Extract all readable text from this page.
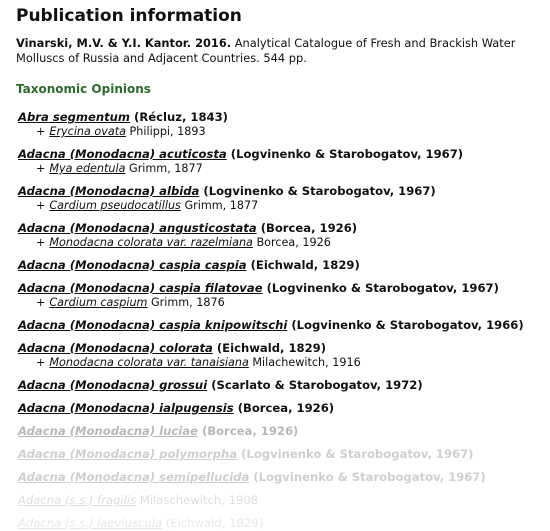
Publication information

Vinarski, M.V. & Y.I. Kantor. 2016. Analytical Catalogue of Fresh and Brackish Water Molluscs of Russia and Adjacent Countries. 544 pp.

Taxonomic Opinions
Abra segmentum (Récluz, 1843)
+ Erycina ovata Philippi, 1893
Adacna (Monodacna) acuticosta (Logvinenko & Starobogatov, 1967)
+ Mya edentula Grimm, 1877
Adacna (Monodacna) albida (Logvinenko & Starobogatov, 1967)
+ Cardium pseudocatillus Grimm, 1877
Adacna (Monodacna) angusticostata (Borcea, 1926)
+ Monodacna colorata var. razelmiana Borcea, 1926
Adacna (Monodacna) caspia caspia (Eichwald, 1829)
Adacna (Monodacna) caspia filatovae (Logvinenko & Starobogatov, 1967)
+ Cardium caspium Grimm, 1876
Adacna (Monodacna) caspia knipowitschi (Logvinenko & Starobogatov, 1966)
Adacna (Monodacna) colorata (Eichwald, 1829)
+ Monodacna colorata var. tanaisiana Milachewitch, 1916
Adacna (Monodacna) grossui (Scarlato & Starobogatov, 1972)
Adacna (Monodacna) ialpugensis (Borcea, 1926)
Adacna (Monodacna) luciae (Borcea, 1926)
Adacna (Monodacna) polymorpha (Logvinenko & Starobogatov, 1967)
Adacna (Monodacna) semipellucida (Logvinenko & Starobogatov, 1967)
Adacna (s.s.) fragilis Milaschewitch, 1908
Adacna (s.s.) laeviuscula (Eichwald, 1829)
